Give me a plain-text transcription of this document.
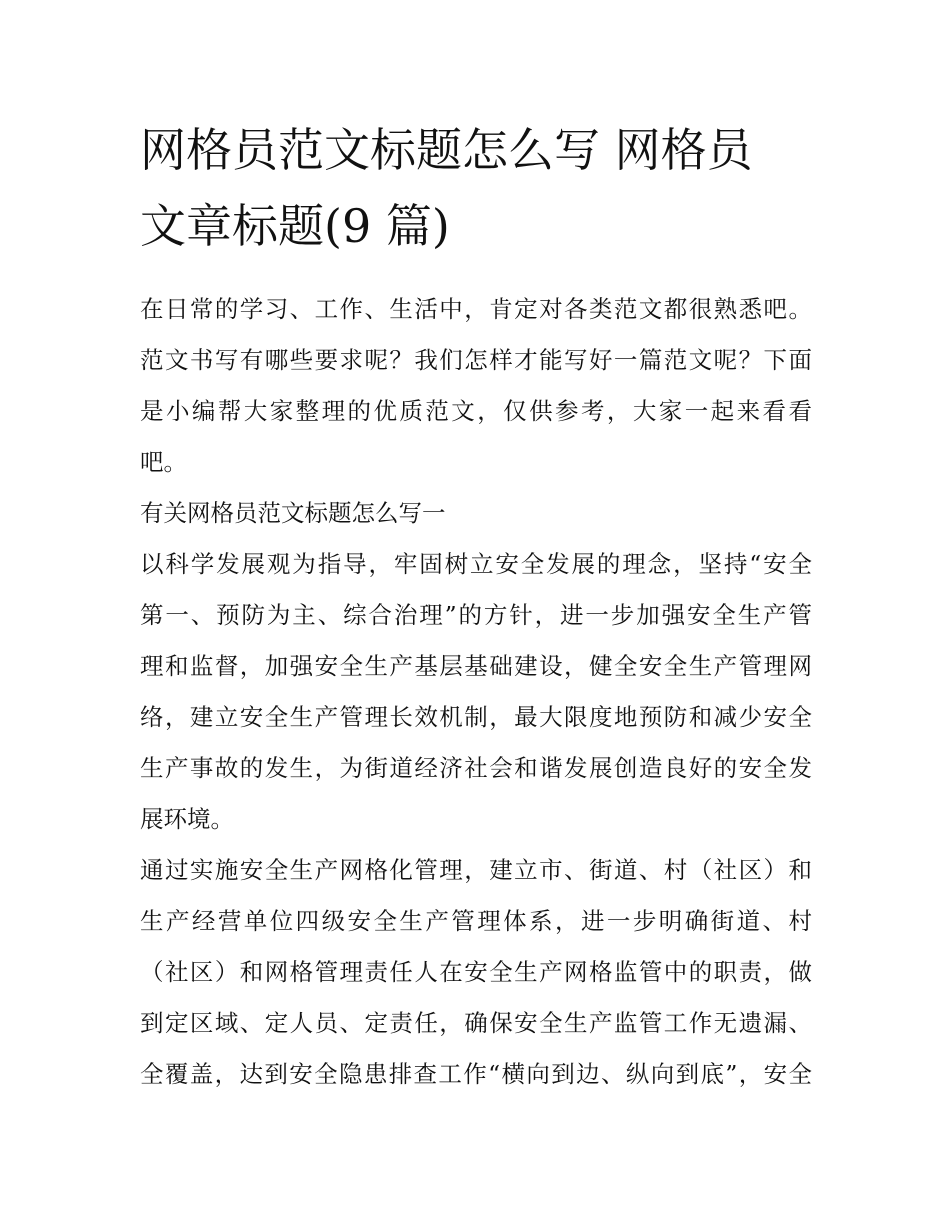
网格员范文标题怎么写 网格员
文章标题(9 篇)

在日常的学习、工作、生活中，肯定对各类范文都很熟悉吧。
范文书写有哪些要求呢？我们怎样才能写好一篇范文呢？下面
是小编帮大家整理的优质范文，仅供参考，大家一起来看看
吧。

有关网格员范文标题怎么写一

以科学发展观为指导，牢固树立安全发展的理念，坚持“安全
第一、预防为主、综合治理”的方针，进一步加强安全生产管
理和监督，加强安全生产基层基础建设，健全安全生产管理网
络，建立安全生产管理长效机制，最大限度地预防和减少安全
生产事故的发生，为街道经济社会和谐发展创造良好的安全发
展环境。

通过实施安全生产网格化管理，建立市、街道、村（社区）和
生产经营单位四级安全生产管理体系，进一步明确街道、村
（社区）和网格管理责任人在安全生产网格监管中的职责，做
到定区域、定人员、定责任，确保安全生产监管工作无遗漏、
全覆盖，达到安全隐患排查工作“横向到边、纵向到底”，安全
